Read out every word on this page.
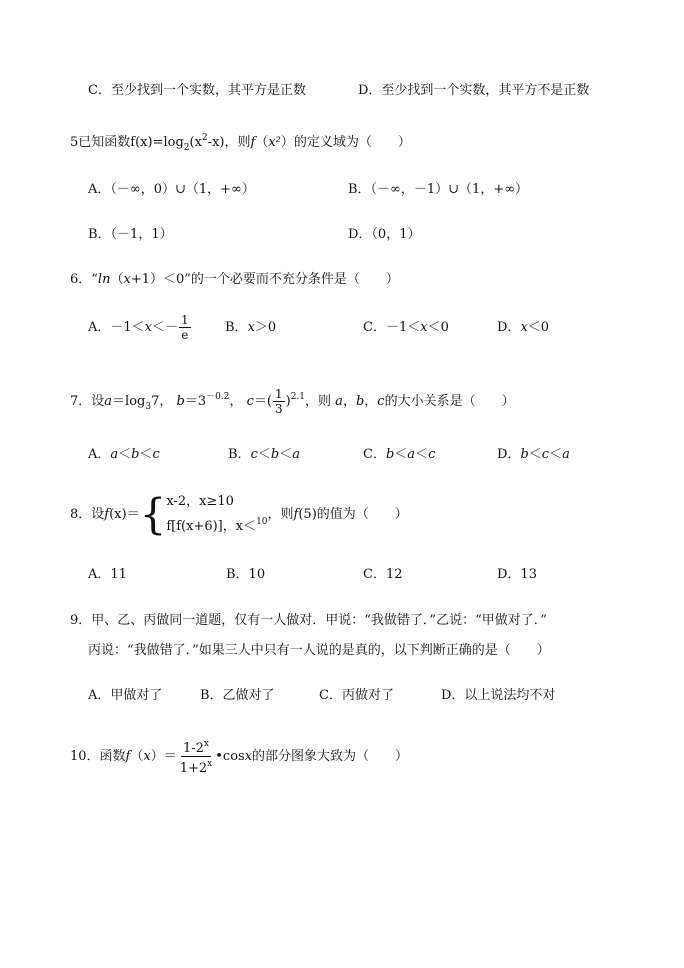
C．至少找到一个实数，其平方是正数	D．至少找到一个实数，其平方不是正数
5已知函数$f(x)=\log_2(x^2-x)$，则f（x²）的定义域为（　　）
A．（－∞，0）∪（1，+∞）	B．（－∞，－1）∪（1，+∞）
B．（－1，1）	D．（0，1）
6．“ln（x+1）＜0”的一个必要而不充分条件是（　　）
A．$-1<x<- \frac{1}{e}$	B．x＞0	C．－1＜x＜0	D．x＜0
7．设$a=\log_37$， $b=3^{-0.2}$， $c=( \frac{1}{3} )^{2.1}$，则 a，b，c的大小关系是（　　）
A．a＜b＜c	B．c＜b＜a	C．b＜a＜c	D．b＜c＜a
8．设f(x)＝{ x-2，x≥10
f[f(x+6)]，x＜$^{10}$ ，则f(5)的值为（　　）
A．11	B．10	C．12	D．13
9．甲、乙、丙做同一道题，仅有一人做对．甲说：“我做错了．”乙说：“甲做对了．”
丙说：“我做错了．”如果三人中只有一人说的是真的，以下判断正确的是（　　）
A．甲做对了	B．乙做对了	C．丙做对了	D．以上说法均不对
10．函数$f(x)= \frac{1-2^x}{1+2^x}$ •cosx的部分图象大致为（　　）
